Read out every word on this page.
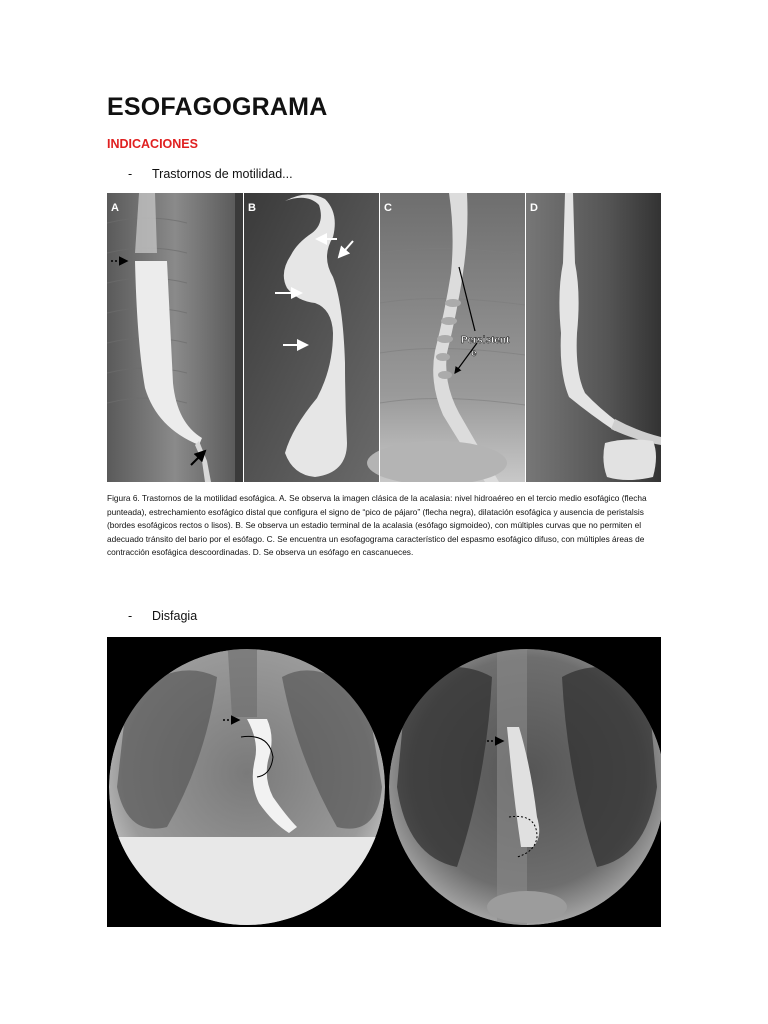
ESOFAGOGRAMA
INDICACIONES
- Trastornos de motilidad...
A	B
Persistent
e
C	D
Figura 6. Trastornos de la motilidad esofágica. A. Se observa la imagen clásica de la acalasia: nivel hidroaéreo en el tercio medio esofágico (flecha punteada), estrechamiento esofágico distal que configura el signo de “pico de pájaro” (flecha negra), dilatación esofágica y ausencia de peristalsis (bordes esofágicos rectos o lisos). B. Se observa un estadio terminal de la acalasia (esófago sigmoideo), con múltiples curvas que no permiten el adecuado tránsito del bario por el esófago. C. Se encuentra un esofagograma característico del espasmo esofágico difuso, con múltiples áreas de contracción esofágica descoordinadas. D. Se observa un esófago en cascanueces.
- Disfagia
